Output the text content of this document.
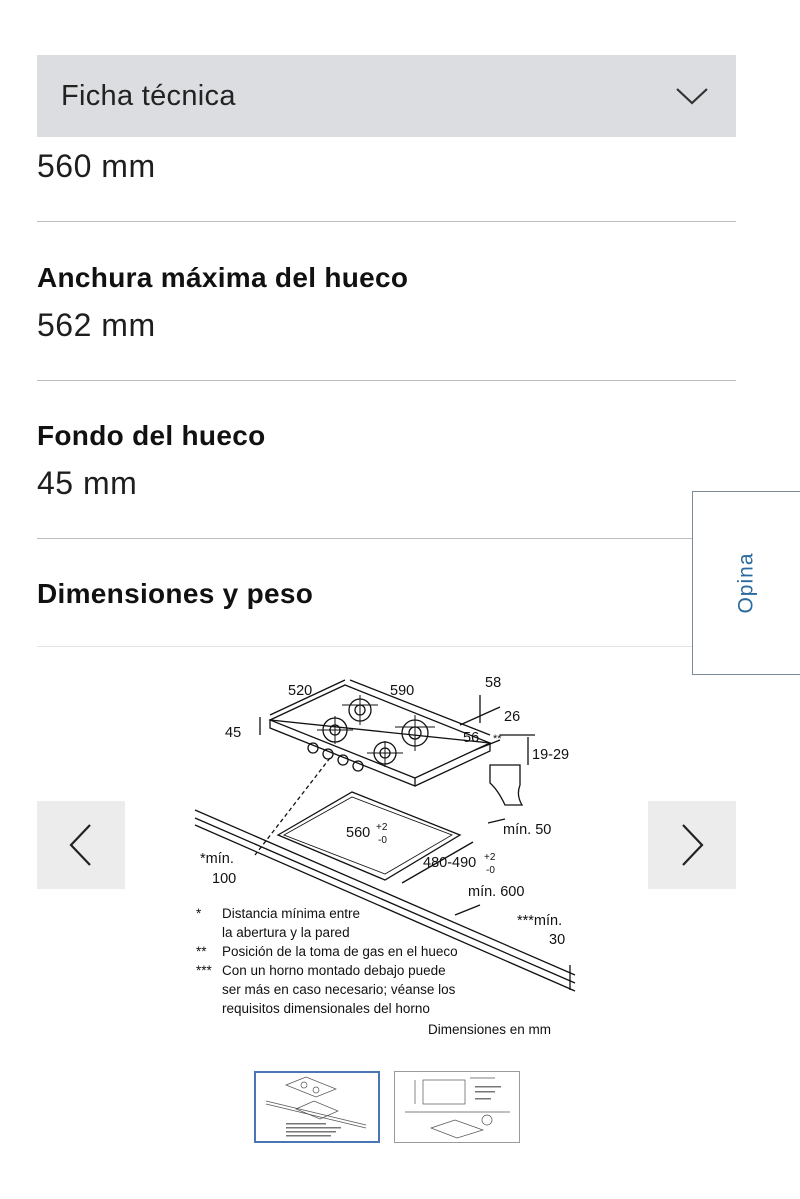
Ficha técnica
560 mm
Anchura máxima del hueco
562 mm
Fondo del hueco
45 mm
Dimensiones y peso	Opina
520	590	58
45
26
56 **
19-29
560 +2
-0
mín. 50
*mín.
100
480-490 +2
-0
mín. 600
***mín.
30
* Distancia mínima entre
la abertura y la pared
** Posición de la toma de gas en el hueco
*** Con un horno montado debajo puede
ser más en caso necesario; véanse los
requisitos dimensionales del horno
Dimensiones en mm
